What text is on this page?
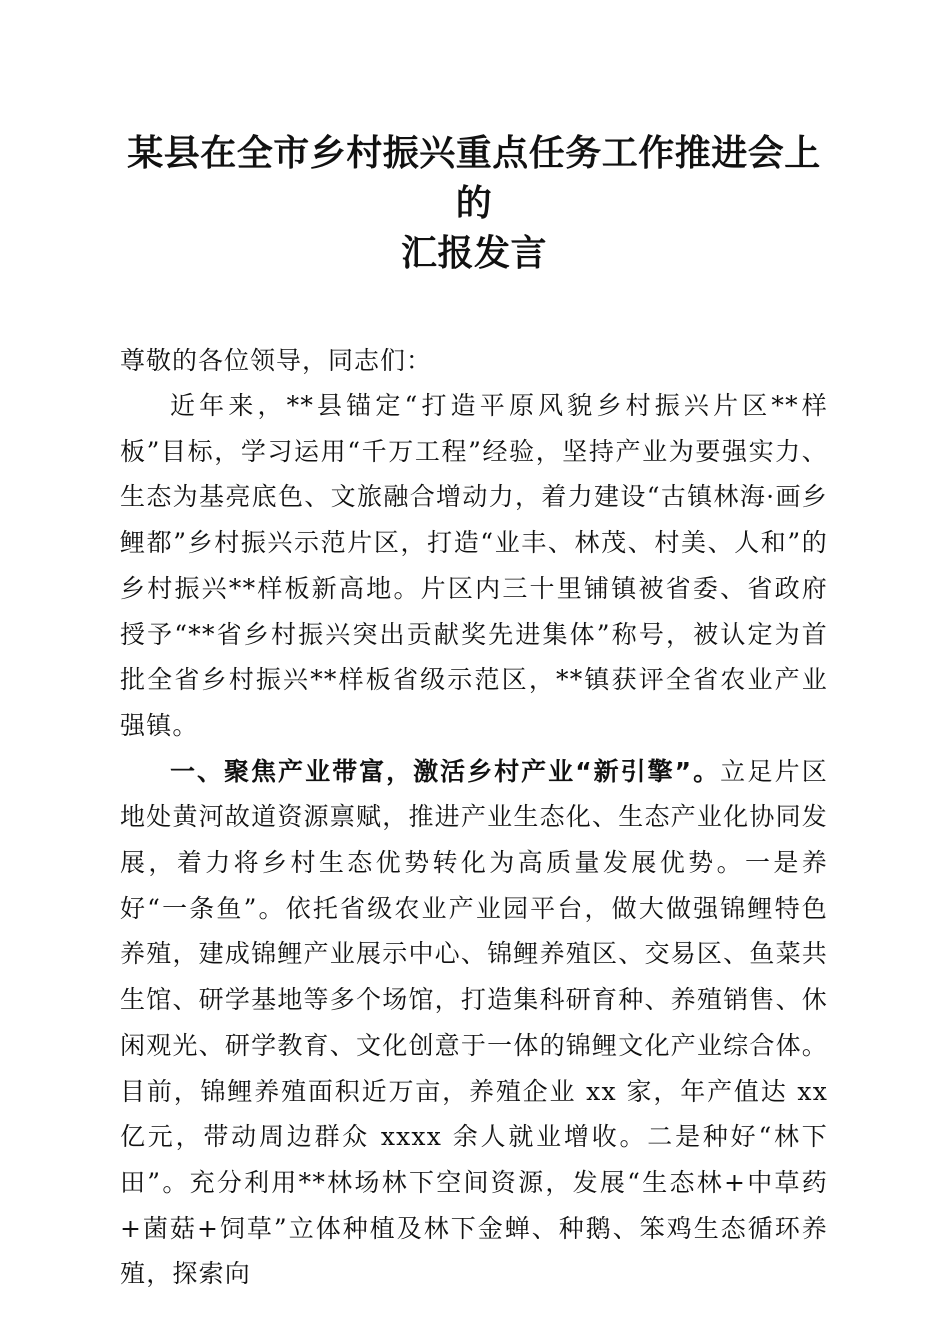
某县在全市乡村振兴重点任务工作推进会上的
汇报发言

尊敬的各位领导，同志们：

近年来，**县锚定“打造平原风貌乡村振兴片区**样板”目标，学习运用“千万工程”经验，坚持产业为要强实力、生态为基亮底色、文旅融合增动力，着力建设“古镇林海·画乡鲤都”乡村振兴示范片区，打造“业丰、林茂、村美、人和”的乡村振兴**样板新高地。片区内三十里铺镇被省委、省政府授予“**省乡村振兴突出贡献奖先进集体”称号，被认定为首批全省乡村振兴**样板省级示范区，**镇获评全省农业产业强镇。

一、聚焦产业带富，激活乡村产业“新引擎”。立足片区地处黄河故道资源禀赋，推进产业生态化、生态产业化协同发展，着力将乡村生态优势转化为高质量发展优势。一是养好“一条鱼”。依托省级农业产业园平台，做大做强锦鲤特色养殖，建成锦鲤产业展示中心、锦鲤养殖区、交易区、鱼菜共生馆、研学基地等多个场馆，打造集科研育种、养殖销售、休闲观光、研学教育、文化创意于一体的锦鲤文化产业综合体。目前，锦鲤养殖面积近万亩，养殖企业 xx 家，年产值达 xx 亿元，带动周边群众 xxxx 余人就业增收。二是种好“林下田”。充分利用**林场林下空间资源，发展“生态林+中草药+菌菇+饲草”立体种植及林下金蝉、种鹅、笨鸡生态循环养殖，探索向
